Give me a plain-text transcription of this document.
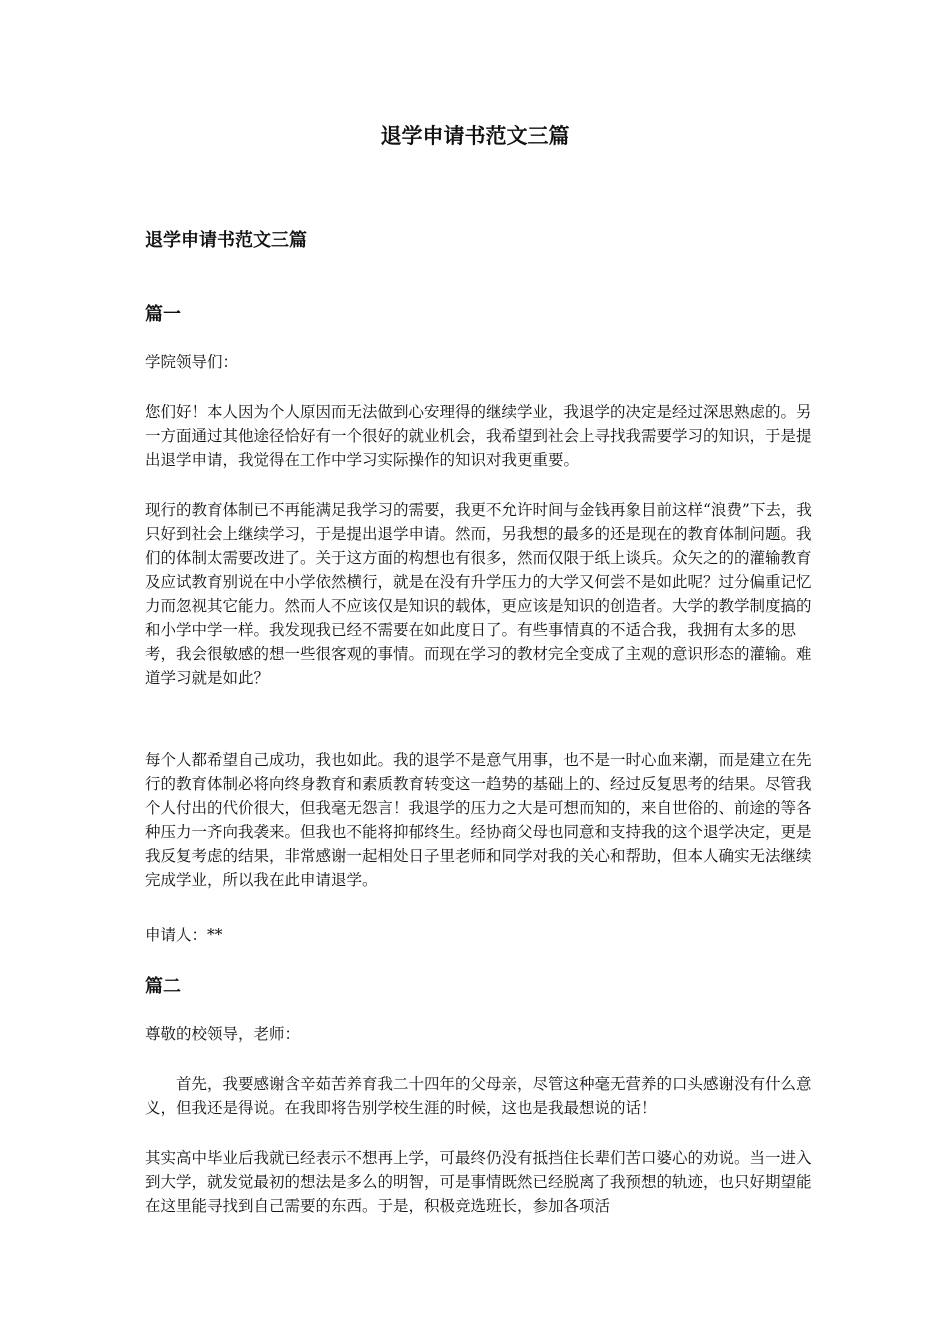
退学申请书范文三篇
退学申请书范文三篇
篇一

学院领导们：

您们好！本人因为个人原因而无法做到心安理得的继续学业，我退学的决定是经过深思熟虑的。另一方面通过其他途径恰好有一个很好的就业机会，我希望到社会上寻找我需要学习的知识，于是提出退学申请，我觉得在工作中学习实际操作的知识对我更重要。

现行的教育体制已不再能满足我学习的需要，我更不允许时间与金钱再象目前这样“浪费”下去，我只好到社会上继续学习，于是提出退学申请。然而，另我想的最多的还是现在的教育体制问题。我们的体制太需要改进了。关于这方面的构想也有很多，然而仅限于纸上谈兵。众矢之的的灌输教育及应试教育别说在中小学依然横行，就是在没有升学压力的大学又何尝不是如此呢？过分偏重记忆力而忽视其它能力。然而人不应该仅是知识的载体，更应该是知识的创造者。大学的教学制度搞的和小学中学一样。我发现我已经不需要在如此度日了。有些事情真的不适合我，我拥有太多的思考，我会很敏感的想一些很客观的事情。而现在学习的教材完全变成了主观的意识形态的灌输。难道学习就是如此？

每个人都希望自己成功，我也如此。我的退学不是意气用事，也不是一时心血来潮，而是建立在先行的教育体制必将向终身教育和素质教育转变这一趋势的基础上的、经过反复思考的结果。尽管我个人付出的代价很大，但我毫无怨言！我退学的压力之大是可想而知的，来自世俗的、前途的等各种压力一齐向我袭来。但我也不能将抑郁终生。经协商父母也同意和支持我的这个退学决定，更是我反复考虑的结果，非常感谢一起相处日子里老师和同学对我的关心和帮助，但本人确实无法继续完成学业，所以我在此申请退学。

申请人：**

篇二

尊敬的校领导，老师：

首先，我要感谢含辛茹苦养育我二十四年的父母亲，尽管这种毫无营养的口头感谢没有什么意义，但我还是得说。在我即将告别学校生涯的时候，这也是我最想说的话！

其实高中毕业后我就已经表示不想再上学，可最终仍没有抵挡住长辈们苦口婆心的劝说。当一进入到大学，就发觉最初的想法是多么的明智，可是事情既然已经脱离了我预想的轨迹，也只好期望能在这里能寻找到自己需要的东西。于是，积极竞选班长，参加各项活
